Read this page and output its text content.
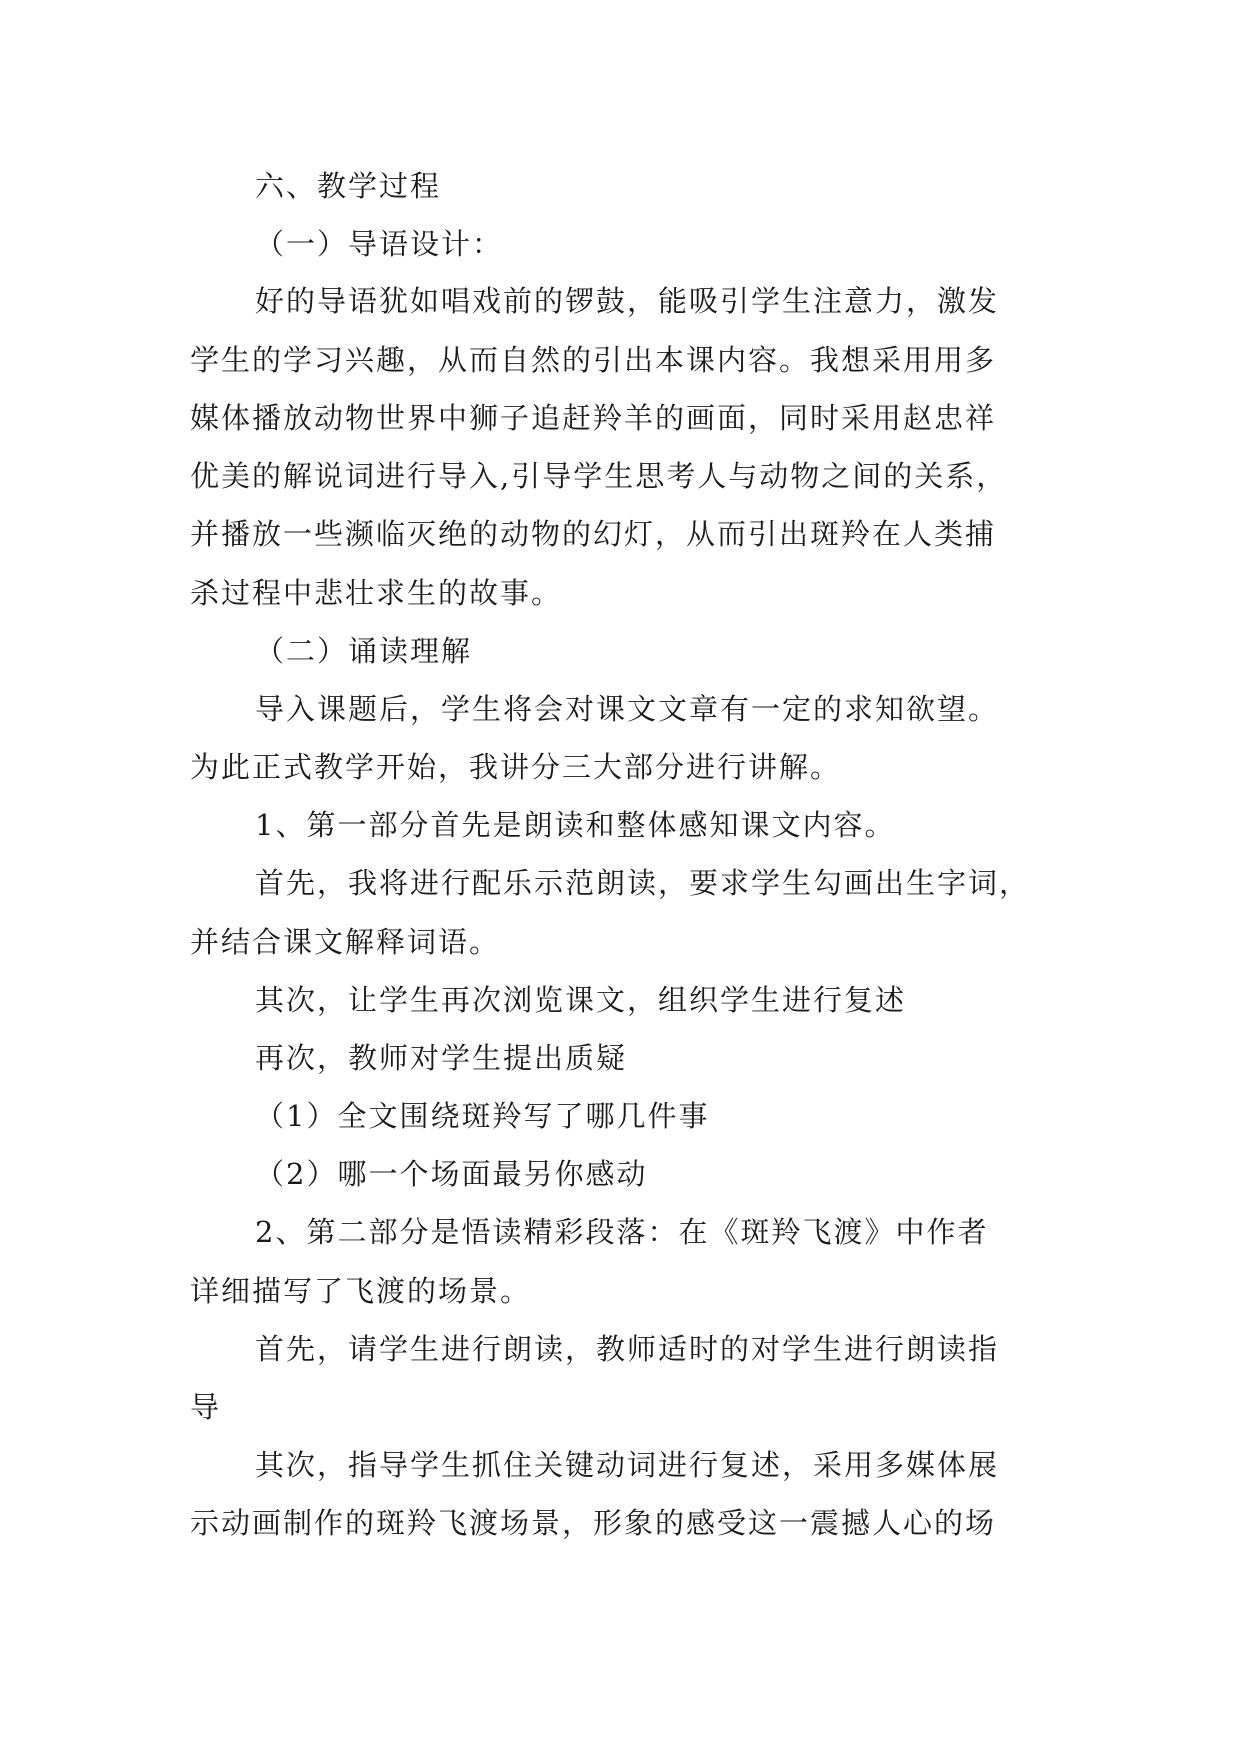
六、教学过程
（一）导语设计：
好的导语犹如唱戏前的锣鼓，能吸引学生注意力，激发
学生的学习兴趣，从而自然的引出本课内容。我想采用用多
媒体播放动物世界中狮子追赶羚羊的画面，同时采用赵忠祥
优美的解说词进行导入,引导学生思考人与动物之间的关系，
并播放一些濒临灭绝的动物的幻灯，从而引出斑羚在人类捕
杀过程中悲壮求生的故事。
（二）诵读理解
导入课题后，学生将会对课文文章有一定的求知欲望。
为此正式教学开始，我讲分三大部分进行讲解。
1、第一部分首先是朗读和整体感知课文内容。
首先，我将进行配乐示范朗读，要求学生勾画出生字词，
并结合课文解释词语。
其次，让学生再次浏览课文，组织学生进行复述
再次，教师对学生提出质疑
（1）全文围绕斑羚写了哪几件事
（2）哪一个场面最另你感动
2、第二部分是悟读精彩段落：在《斑羚飞渡》中作者
详细描写了飞渡的场景。
首先，请学生进行朗读，教师适时的对学生进行朗读指
导
其次，指导学生抓住关键动词进行复述，采用多媒体展
示动画制作的斑羚飞渡场景，形象的感受这一震撼人心的场
